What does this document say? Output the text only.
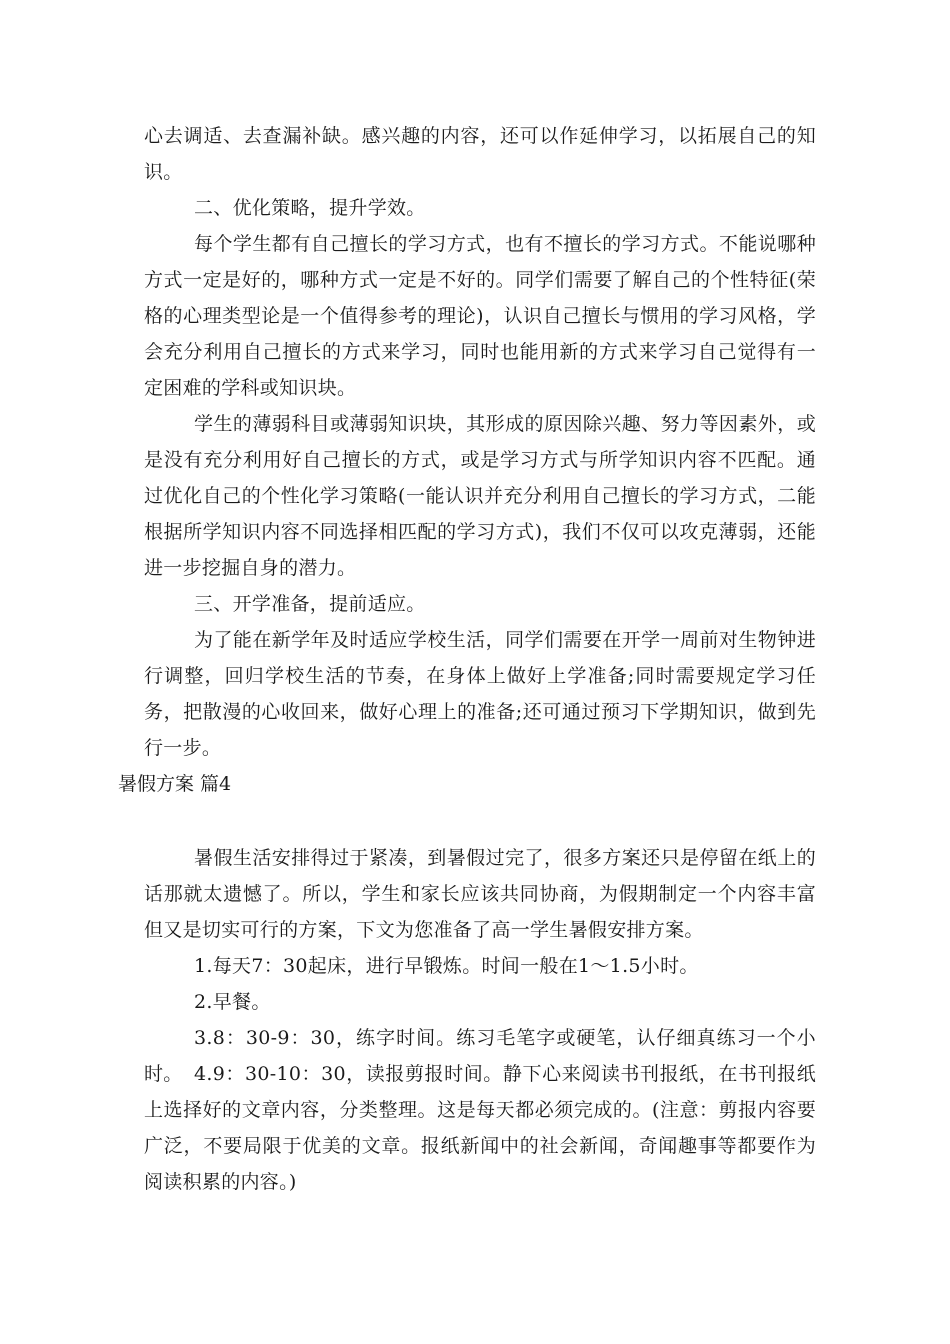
心去调适、去查漏补缺。感兴趣的内容，还可以作延伸学习，以拓展自己的知识。

二、优化策略，提升学效。

每个学生都有自己擅长的学习方式，也有不擅长的学习方式。不能说哪种方式一定是好的，哪种方式一定是不好的。同学们需要了解自己的个性特征(荣格的心理类型论是一个值得参考的理论)，认识自己擅长与惯用的学习风格，学会充分利用自己擅长的方式来学习，同时也能用新的方式来学习自己觉得有一定困难的学科或知识块。

学生的薄弱科目或薄弱知识块，其形成的原因除兴趣、努力等因素外，或是没有充分利用好自己擅长的方式，或是学习方式与所学知识内容不匹配。通过优化自己的个性化学习策略(一能认识并充分利用自己擅长的学习方式，二能根据所学知识内容不同选择相匹配的学习方式)，我们不仅可以攻克薄弱，还能进一步挖掘自身的潜力。

三、开学准备，提前适应。

为了能在新学年及时适应学校生活，同学们需要在开学一周前对生物钟进行调整，回归学校生活的节奏，在身体上做好上学准备;同时需要规定学习任务，把散漫的心收回来，做好心理上的准备;还可通过预习下学期知识，做到先行一步。

暑假方案 篇4

暑假生活安排得过于紧凑，到暑假过完了，很多方案还只是停留在纸上的话那就太遗憾了。所以，学生和家长应该共同协商，为假期制定一个内容丰富但又是切实可行的方案，下文为您准备了高一学生暑假安排方案。

1.每天7：30起床，进行早锻炼。时间一般在1～1.5小时。

2.早餐。

3.8：30-9：30，练字时间。练习毛笔字或硬笔，认仔细真练习一个小时。 4.9：30-10：30，读报剪报时间。静下心来阅读书刊报纸，在书刊报纸上选择好的文章内容，分类整理。这是每天都必须完成的。(注意：剪报内容要广泛，不要局限于优美的文章。报纸新闻中的社会新闻，奇闻趣事等都要作为阅读积累的内容。)
